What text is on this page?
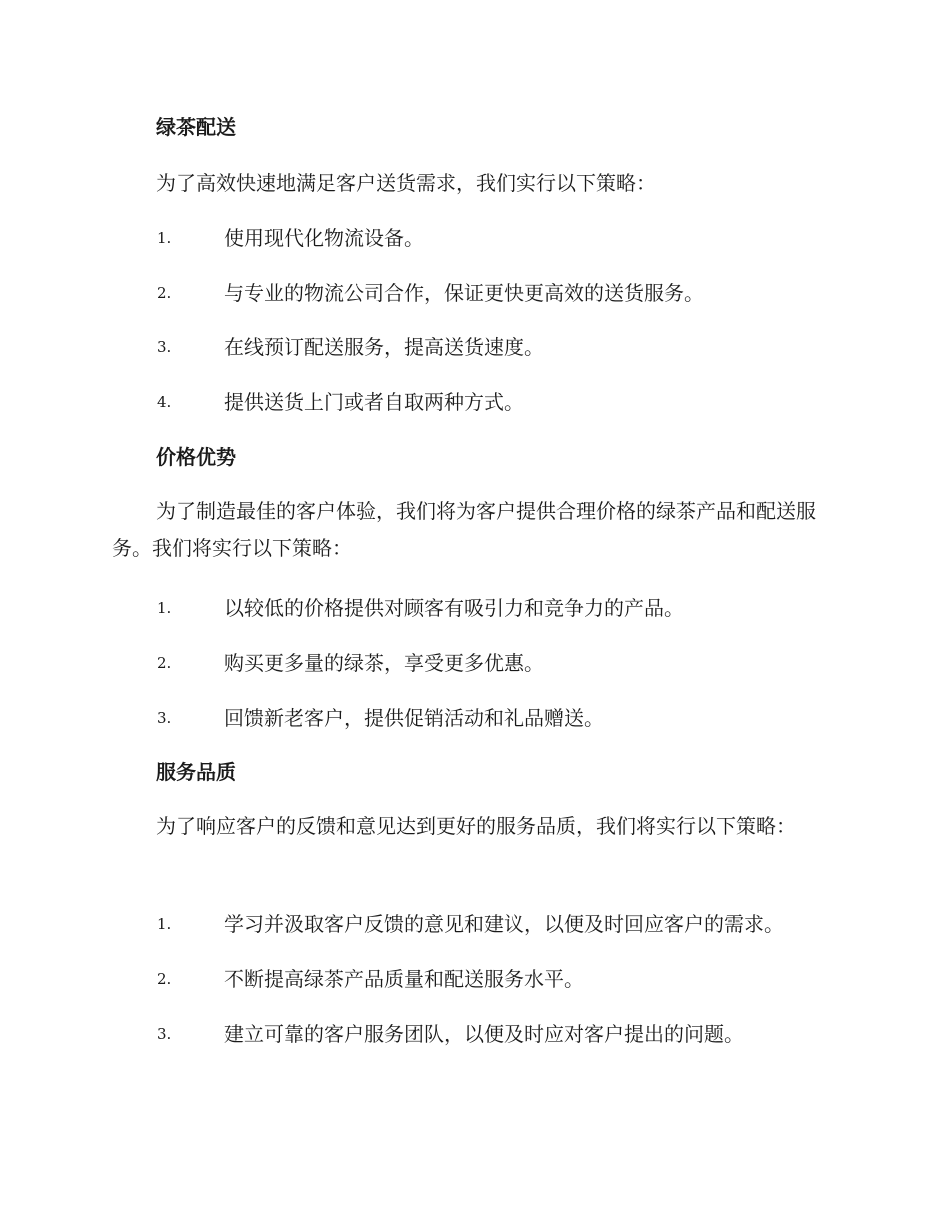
绿茶配送

为了高效快速地满足客户送货需求，我们实行以下策略：

1.	使用现代化物流设备。
2.	与专业的物流公司合作，保证更快更高效的送货服务。
3.	在线预订配送服务，提高送货速度。
4.	提供送货上门或者自取两种方式。
价格优势

为了制造最佳的客户体验，我们将为客户提供合理价格的绿茶产品和配送服务。我们将实行以下策略：

1.	以较低的价格提供对顾客有吸引力和竞争力的产品。
2.	购买更多量的绿茶，享受更多优惠。
3.	回馈新老客户，提供促销活动和礼品赠送。
服务品质

为了响应客户的反馈和意见达到更好的服务品质，我们将实行以下策略：

1.	学习并汲取客户反馈的意见和建议，以便及时回应客户的需求。
2.	不断提高绿茶产品质量和配送服务水平。
3.	建立可靠的客户服务团队，以便及时应对客户提出的问题。
